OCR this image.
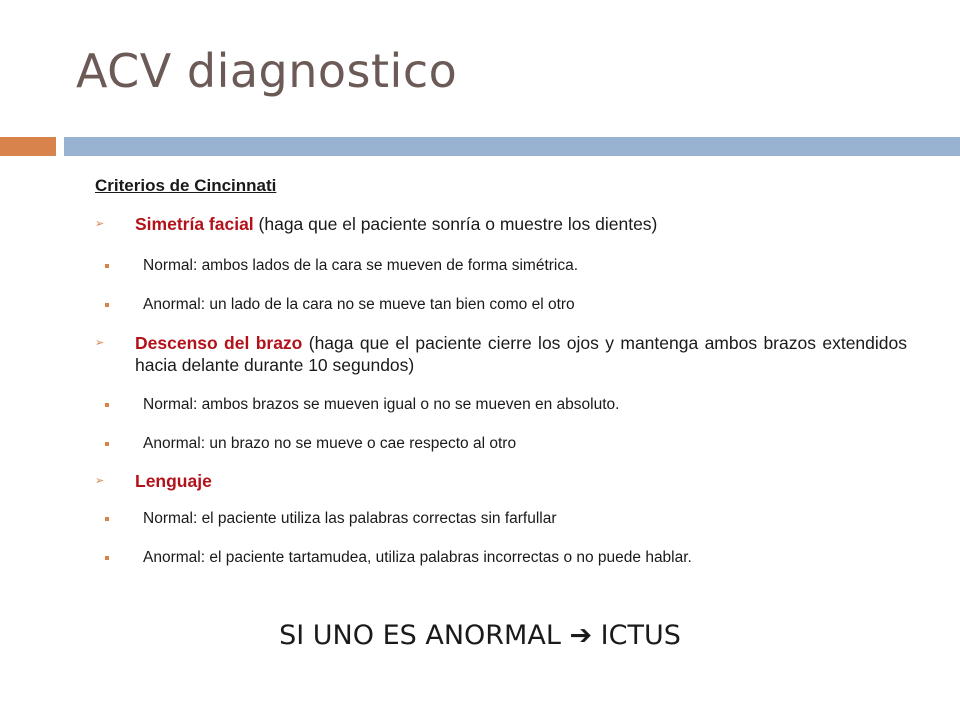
ACV diagnostico
Criterios de Cincinnati
➢ Simetría facial (haga que el paciente sonría o muestre los dientes)
Normal: ambos lados de la cara se mueven de forma simétrica.
Anormal: un lado de la cara no se mueve tan bien como el otro
➢ Descenso del brazo (haga que el paciente cierre los ojos y mantenga ambos brazos extendidos hacia delante durante 10 segundos)
Normal: ambos brazos se mueven igual o no se mueven en absoluto.
Anormal: un brazo no se mueve o cae respecto al otro
➢ Lenguaje
Normal: el paciente utiliza las palabras correctas sin farfullar
Anormal: el paciente tartamudea, utiliza palabras incorrectas o no puede hablar.
SI UNO ES ANORMAL ➔ ICTUS
